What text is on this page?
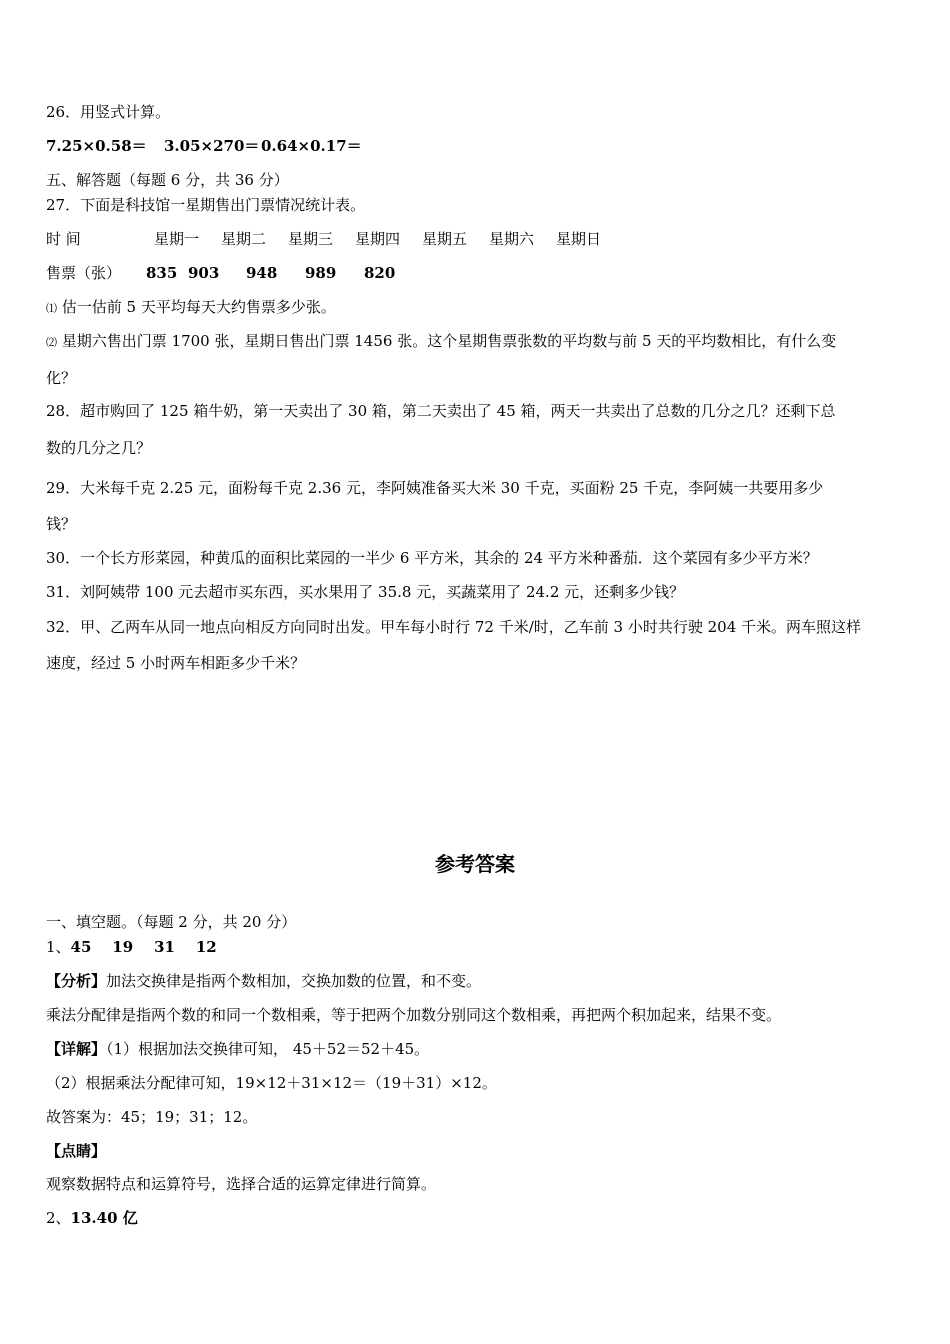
26．用竖式计算。
7.25×0.58＝ 3.05×270＝ 0.64×0.17＝
五、解答题（每题 6 分，共 36 分）
27．下面是科技馆一星期售出门票情况统计表。
时 间	星期一 星期二 星期三 星期四 星期五 星期六 星期日
售票（张） 835 903 948 989 820
⑴ 估一估前 5 天平均每天大约售票多少张。
⑵ 星期六售出门票 1700 张，星期日售出门票 1456 张。这个星期售票张数的平均数与前 5 天的平均数相比，有什么变
化？
28．超市购回了 125 箱牛奶，第一天卖出了 30 箱，第二天卖出了 45 箱，两天一共卖出了总数的几分之几？还剩下总
数的几分之几？
29．大米每千克 2.25 元，面粉每千克 2.36 元，李阿姨准备买大米 30 千克，买面粉 25 千克，李阿姨一共要用多少
钱？
30．一个长方形菜园，种黄瓜的面积比菜园的一半少 6 平方米，其余的 24 平方米种番茄．这个菜园有多少平方米？
31．刘阿姨带 100 元去超市买东西，买水果用了 35.8 元，买蔬菜用了 24.2 元，还剩多少钱？
32．甲、乙两车从同一地点向相反方向同时出发。甲车每小时行 72 千米/时，乙车前 3 小时共行驶 204 千米。两车照这样
速度，经过 5 小时两车相距多少千米？
参考答案
一、填空题。（每题 2 分，共 20 分）
1、45    19    31    12
【分析】加法交换律是指两个数相加，交换加数的位置，和不变。
乘法分配律是指两个数的和同一个数相乘，等于把两个加数分别同这个数相乘，再把两个积加起来，结果不变。
【详解】（1）根据加法交换律可知， 45＋52＝52＋45。
（2）根据乘法分配律可知，19×12＋31×12＝（19＋31）×12。
故答案为：45；19；31；12。
【点睛】
观察数据特点和运算符号，选择合适的运算定律进行简算。
2、13.40 亿
